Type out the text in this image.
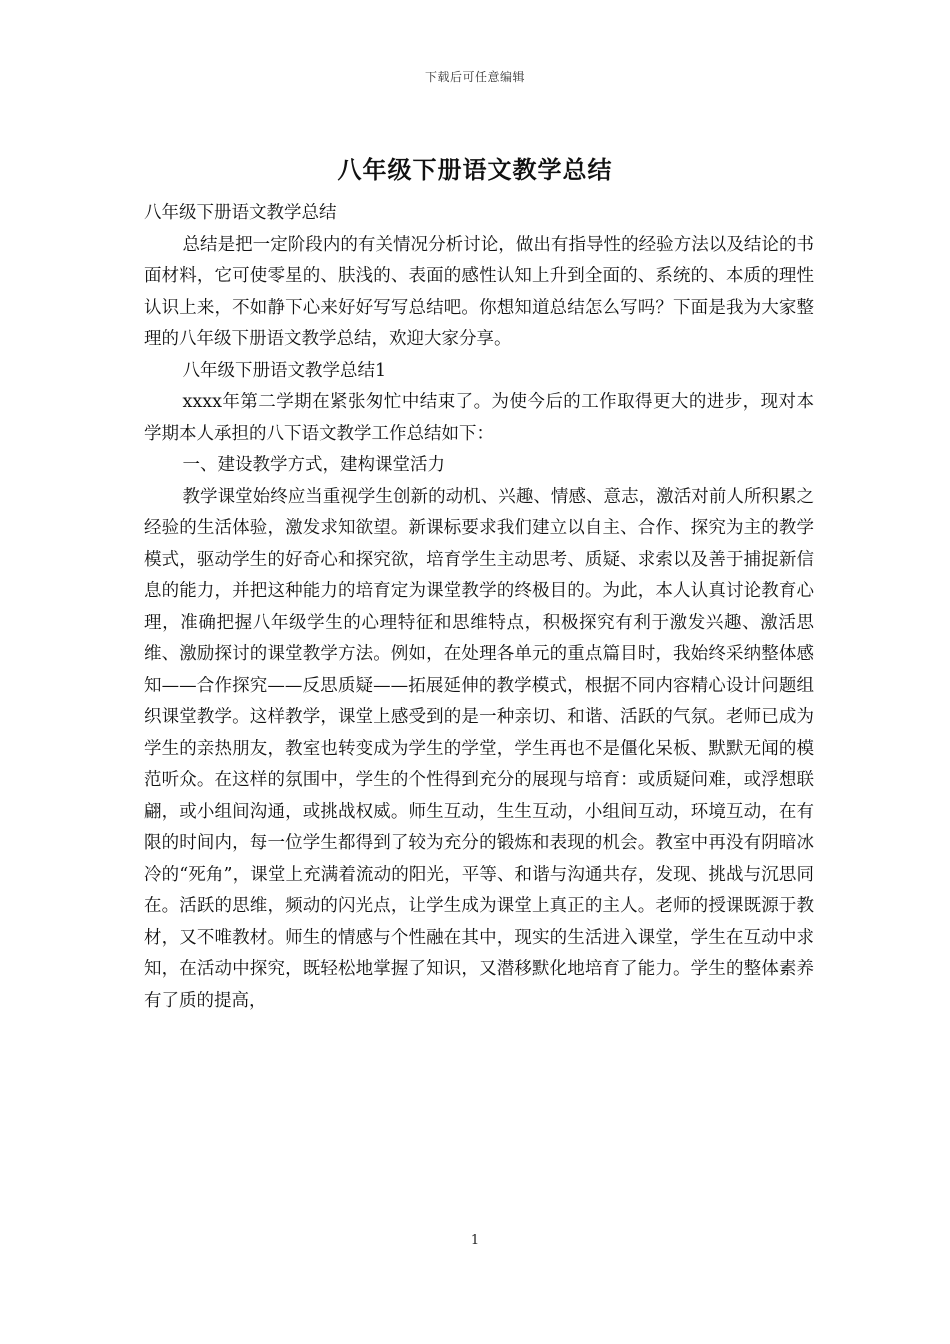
下载后可任意编辑
八年级下册语文教学总结

八年级下册语文教学总结

总结是把一定阶段内的有关情况分析讨论，做出有指导性的经验方法以及结论的书面材料，它可使零星的、肤浅的、表面的感性认知上升到全面的、系统的、本质的理性认识上来，不如静下心来好好写写总结吧。你想知道总结怎么写吗？下面是我为大家整理的八年级下册语文教学总结，欢迎大家分享。

八年级下册语文教学总结1

xxxx年第二学期在紧张匆忙中结束了。为使今后的工作取得更大的进步，现对本学期本人承担的八下语文教学工作总结如下：

一、建设教学方式，建构课堂活力

教学课堂始终应当重视学生创新的动机、兴趣、情感、意志，激活对前人所积累之经验的生活体验，激发求知欲望。新课标要求我们建立以自主、合作、探究为主的教学模式，驱动学生的好奇心和探究欲，培育学生主动思考、质疑、求索以及善于捕捉新信息的能力，并把这种能力的培育定为课堂教学的终极目的。为此，本人认真讨论教育心理，准确把握八年级学生的心理特征和思维特点，积极探究有利于激发兴趣、激活思维、激励探讨的课堂教学方法。例如，在处理各单元的重点篇目时，我始终采纳整体感知——合作探究——反思质疑——拓展延伸的教学模式，根据不同内容精心设计问题组织课堂教学。这样教学，课堂上感受到的是一种亲切、和谐、活跃的气氛。老师已成为学生的亲热朋友，教室也转变成为学生的学堂，学生再也不是僵化呆板、默默无闻的模范听众。在这样的氛围中，学生的个性得到充分的展现与培育：或质疑问难，或浮想联翩，或小组间沟通，或挑战权威。师生互动，生生互动，小组间互动，环境互动，在有限的时间内，每一位学生都得到了较为充分的锻炼和表现的机会。教室中再没有阴暗冰冷的“死角”，课堂上充满着流动的阳光，平等、和谐与沟通共存，发现、挑战与沉思同在。活跃的思维，频动的闪光点，让学生成为课堂上真正的主人。老师的授课既源于教材，又不唯教材。师生的情感与个性融在其中，现实的生活进入课堂，学生在互动中求知，在活动中探究，既轻松地掌握了知识，又潜移默化地培育了能力。学生的整体素养有了质的提高，

1
